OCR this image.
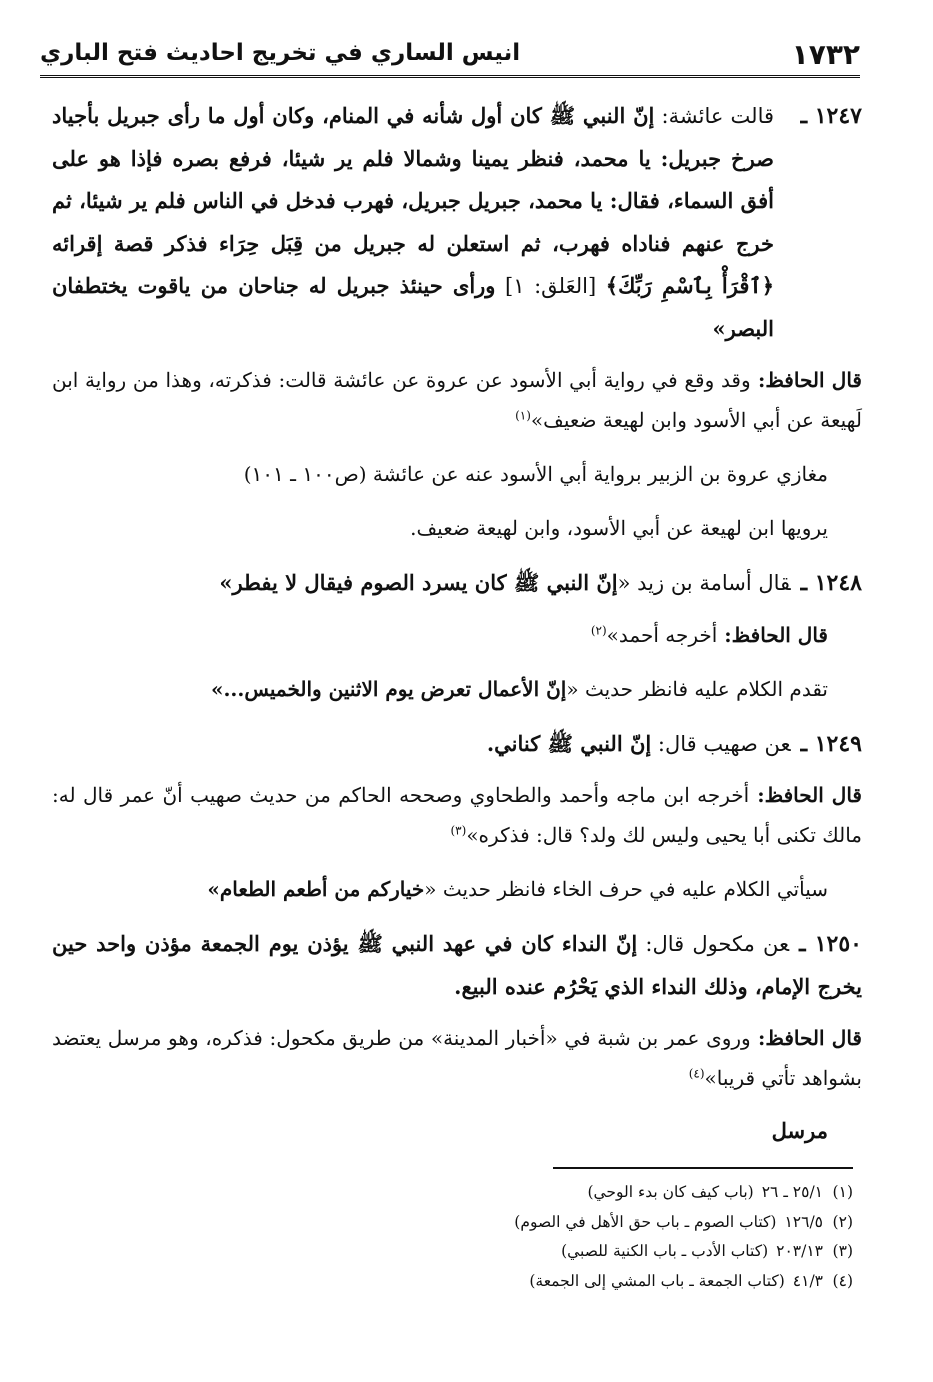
١٧٣٢
انيس الساري في تخريج احاديث فتح الباري
١٢٤٧ ـ
قالت عائشة: إنّ النبي ﷺ كان أول شأنه في المنام، وكان أول ما رأى جبريل بأجياد صرخ جبريل: يا محمد، فنظر يمينا وشمالا فلم ير شيئا، فرفع بصره فإذا هو على أفق السماء، فقال: يا محمد، جبريل جبريل، فهرب فدخل في الناس فلم ير شيئا، ثم خرج عنهم فناداه فهرب، ثم استعلن له جبريل من قِبَل حِرَاء فذكر قصة إقرائه ﴿ٱقْرَأْ بِٱسْمِ رَبِّكَ﴾ [العَلق: ١] ورأى حينئذ جبريل له جناحان من ياقوت يختطفان البصر»
قال الحافظ: وقد وقع في رواية أبي الأسود عن عروة عن عائشة قالت: فذكرته، وهذا من رواية ابن لَهيعة عن أبي الأسود وابن لهيعة ضعيف»$^{(١)}$
مغازي عروة بن الزبير برواية أبي الأسود عنه عن عائشة (ص١٠٠ ـ ١٠١)
يرويها ابن لهيعة عن أبي الأسود، وابن لهيعة ضعيف.
١٢٤٨ ـقال أسامة بن زيد «إنّ النبي ﷺ كان يسرد الصوم فيقال لا يفطر»
قال الحافظ: أخرجه أحمد»$^{(٢)}$
تقدم الكلام عليه فانظر حديث «إنّ الأعمال تعرض يوم الاثنين والخميس...»
١٢٤٩ ـعن صهيب قال: إنّ النبي ﷺ كناني.
قال الحافظ: أخرجه ابن ماجه وأحمد والطحاوي وصححه الحاكم من حديث صهيب أنّ عمر قال له: مالك تكنى أبا يحيى وليس لك ولد؟ قال: فذكره»$^{(٣)}$
سيأتي الكلام عليه في حرف الخاء فانظر حديث «خياركم من أطعم الطعام»
١٢٥٠ ـعن مكحول قال: إنّ النداء كان في عهد النبي ﷺ يؤذن يوم الجمعة مؤذن واحد حين يخرج الإمام، وذلك النداء الذي يَحْرُم عنده البيع.
قال الحافظ: وروى عمر بن شبة في «أخبار المدينة» من طريق مكحول: فذكره، وهو مرسل يعتضد بشواهد تأتي قريبا»$^{(٤)}$
مرسل
(١)٢٥/١ ـ ٢٦(باب كيف كان بدء الوحي)
(٢)١٢٦/٥(كتاب الصوم ـ باب حق الأهل في الصوم)
(٣)٢٠٣/١٣(كتاب الأدب ـ باب الكنية للصبي)
(٤)٤١/٣(كتاب الجمعة ـ باب المشي إلى الجمعة)
